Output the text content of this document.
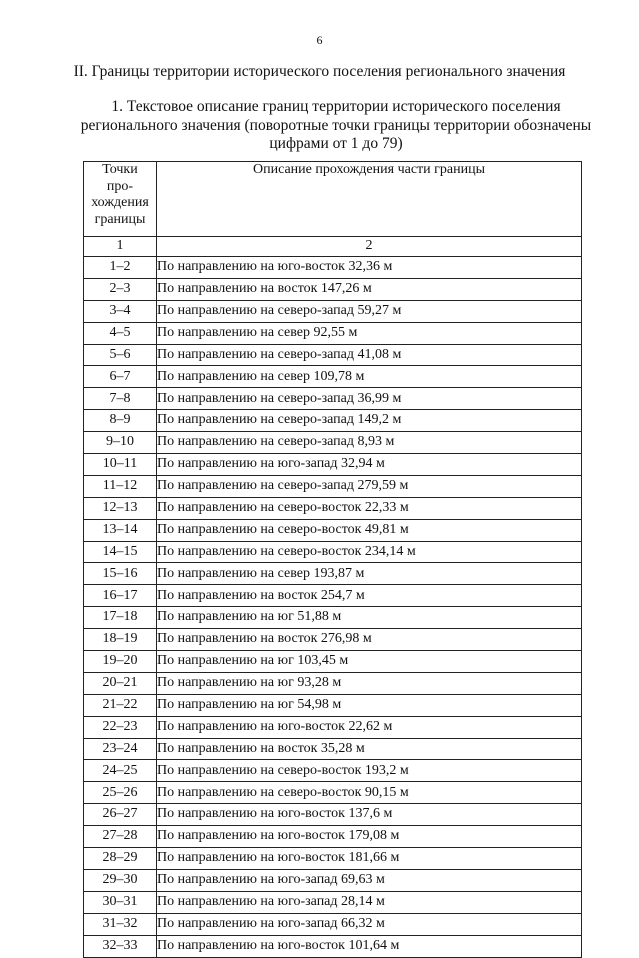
6
II. Границы территории исторического поселения регионального значения
1. Текстовое описание границ территории исторического поселения
регионального значения (поворотные точки границы территории обозначены
цифрами от 1 до 79)
Точки
про-
хождения
границы	Описание прохождения части границы
1	2
1–2	По направлению на юго-восток 32,36 м
2–3	По направлению на восток 147,26 м
3–4	По направлению на северо-запад 59,27 м
4–5	По направлению на север 92,55 м
5–6	По направлению на северо-запад 41,08 м
6–7	По направлению на север 109,78 м
7–8	По направлению на северо-запад 36,99 м
8–9	По направлению на северо-запад 149,2 м
9–10	По направлению на северо-запад 8,93 м
10–11	По направлению на юго-запад 32,94 м
11–12	По направлению на северо-запад 279,59 м
12–13	По направлению на северо-восток 22,33 м
13–14	По направлению на северо-восток 49,81 м
14–15	По направлению на северо-восток 234,14 м
15–16	По направлению на север 193,87 м
16–17	По направлению на восток 254,7 м
17–18	По направлению на юг 51,88 м
18–19	По направлению на восток 276,98 м
19–20	По направлению на юг 103,45 м
20–21	По направлению на юг 93,28 м
21–22	По направлению на юг 54,98 м
22–23	По направлению на юго-восток 22,62 м
23–24	По направлению на восток 35,28 м
24–25	По направлению на северо-восток 193,2 м
25–26	По направлению на северо-восток 90,15 м
26–27	По направлению на юго-восток 137,6 м
27–28	По направлению на юго-восток 179,08 м
28–29	По направлению на юго-восток 181,66 м
29–30	По направлению на юго-запад 69,63 м
30–31	По направлению на юго-запад 28,14 м
31–32	По направлению на юго-запад 66,32 м
32–33	По направлению на юго-восток 101,64 м
